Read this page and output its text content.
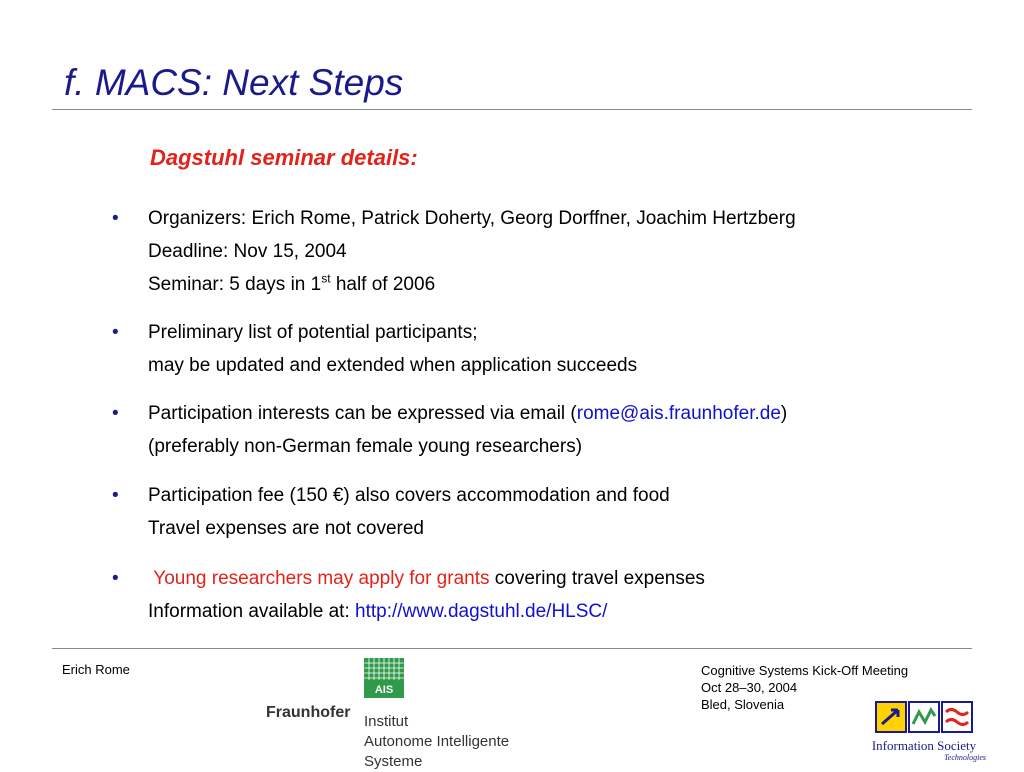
f. MACS: Next Steps
Dagstuhl seminar details:
• Organizers: Erich Rome, Patrick Doherty, Georg Dorffner, Joachim Hertzberg
Deadline: Nov 15, 2004
Seminar: 5 days in 1st half of 2006
• Preliminary list of potential participants;
may be updated and extended when application succeeds
• Participation interests can be expressed via email (rome@ais.fraunhofer.de)
(preferably non-German female young researchers)
• Participation fee (150 €) also covers accommodation and food
Travel expenses are not covered
• Young researchers may apply for grants covering travel expenses
Information available at: http://www.dagstuhl.de/HLSC/
Erich Rome
AIS
Fraunhofer
Institut
Autonome Intelligente
Systeme
Cognitive Systems Kick-Off Meeting
Oct 28–30, 2004
Bled, Slovenia
Information Society
Technologies
